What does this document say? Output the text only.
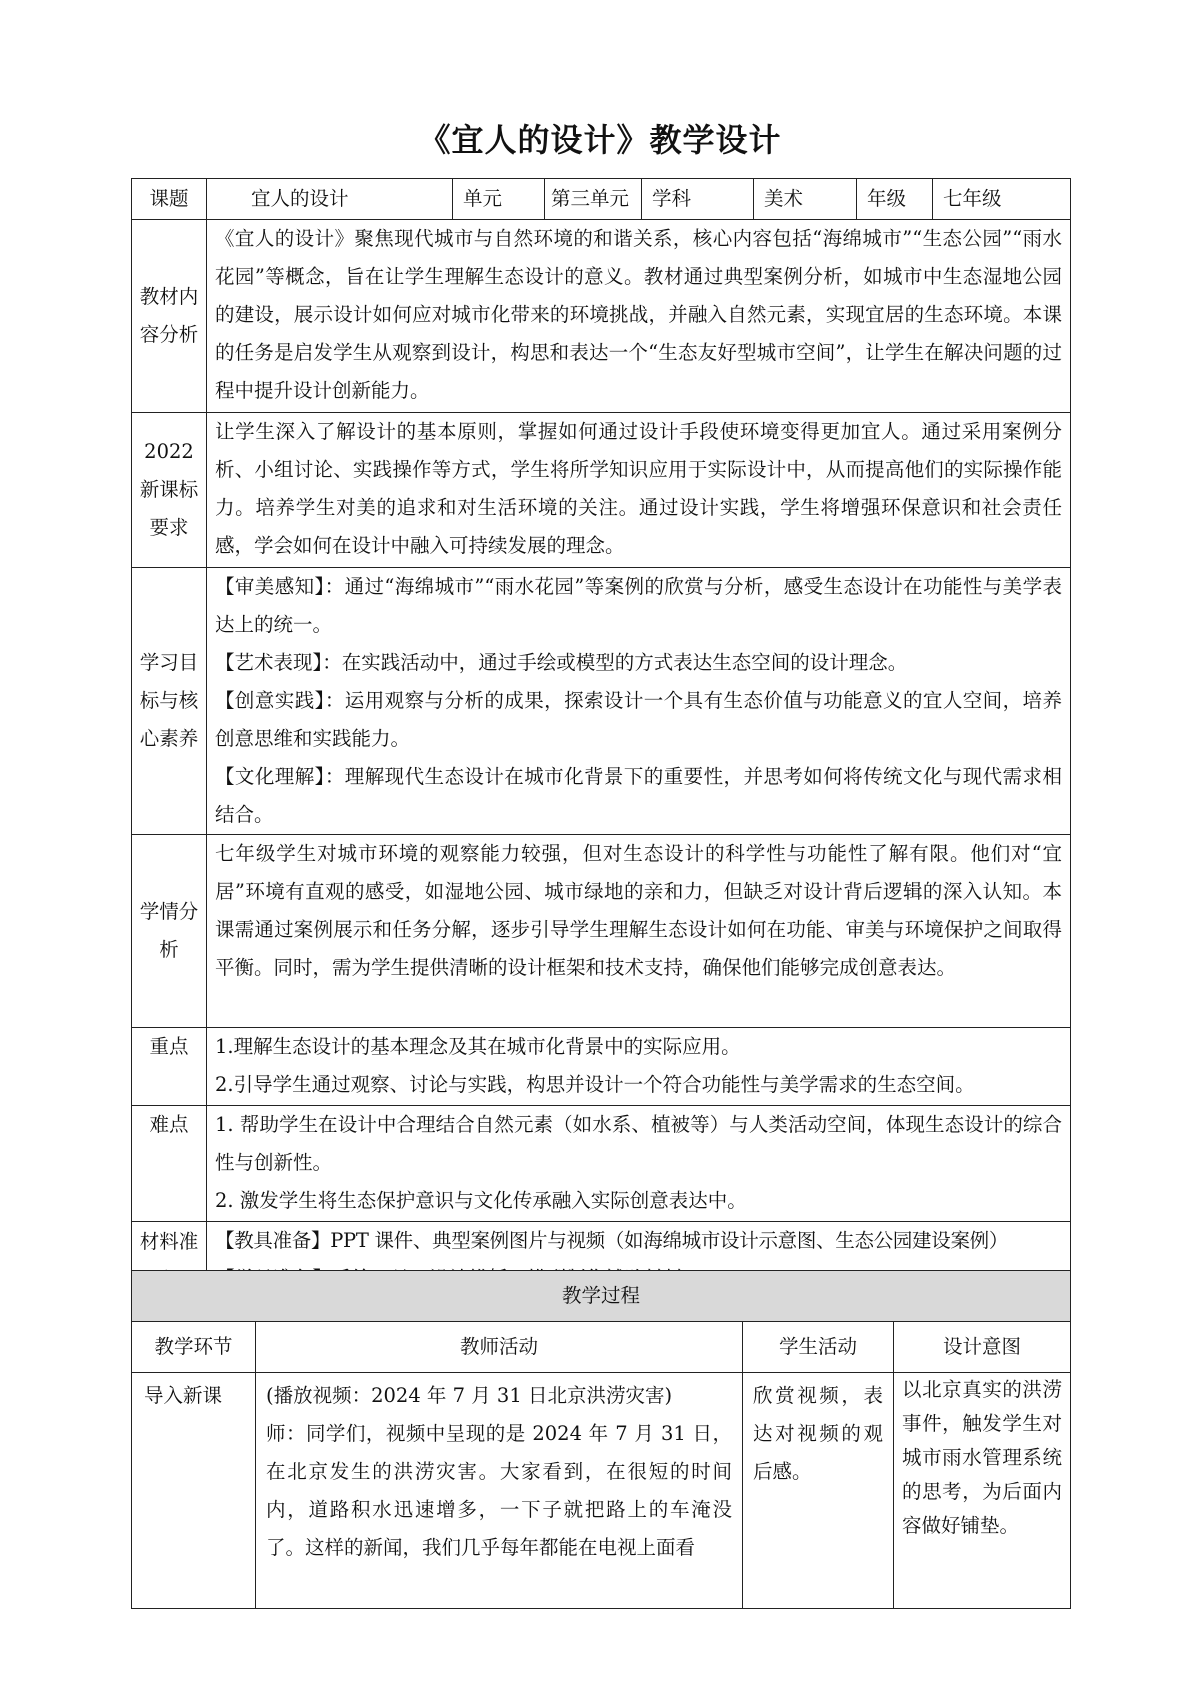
《宜人的设计》教学设计
课题	宜人的设计	单元	第三单元	学科	美术	年级	七年级
教材内容分析	《宜人的设计》聚焦现代城市与自然环境的和谐关系，核心内容包括“海绵城市”“生态公园”“雨水花园”等概念，旨在让学生理解生态设计的意义。教材通过典型案例分析，如城市中生态湿地公园的建设，展示设计如何应对城市化带来的环境挑战，并融入自然元素，实现宜居的生态环境。本课的任务是启发学生从观察到设计，构思和表达一个“生态友好型城市空间”，让学生在解决问题的过程中提升设计创新能力。						
2022新课标要求	让学生深入了解设计的基本原则，掌握如何通过设计手段使环境变得更加宜人。通过采用案例分析、小组讨论、实践操作等方式，学生将所学知识应用于实际设计中，从而提高他们的实际操作能力。培养学生对美的追求和对生活环境的关注。通过设计实践，学生将增强环保意识和社会责任感，学会如何在设计中融入可持续发展的理念。						
学习目标与核心素养	【审美感知】：通过“海绵城市”“雨水花园”等案例的欣赏与分析，感受生态设计在功能性与美学表达上的统一。

【艺术表现】：在实践活动中，通过手绘或模型的方式表达生态空间的设计理念。

【创意实践】：运用观察与分析的成果，探索设计一个具有生态价值与功能意义的宜人空间，培养创意思维和实践能力。

【文化理解】：理解现代生态设计在城市化背景下的重要性，并思考如何将传统文化与现代需求相结合。						

学情分析	七年级学生对城市环境的观察能力较强，但对生态设计的科学性与功能性了解有限。他们对“宜居”环境有直观的感受，如湿地公园、城市绿地的亲和力，但缺乏对设计背后逻辑的深入认知。本课需通过案例展示和任务分解，逐步引导学生理解生态设计如何在功能、审美与环境保护之间取得平衡。同时，需为学生提供清晰的设计框架和技术支持，确保他们能够完成创意表达。						
重点	1.理解生态设计的基本理念及其在城市化背景中的实际应用。

2.引导学生通过观察、讨论与实践，构思并设计一个符合功能性与美学需求的生态空间。						

难点	1. 帮助学生在设计中合理结合自然元素（如水系、植被等）与人类活动空间，体现生态设计的综合性与创新性。

2. 激发学生将生态保护意识与文化传承融入实际创意表达中。						

材料准	【教具准备】PPT 课件、典型案例图片与视频（如海绵城市设计示意图、生态公园建设案例）						

教学过程			
教学环节	教师活动	学生活动	设计意图
导入新课	(播放视频：2024 年 7 月 31 日北京洪涝灾害)

师：同学们，视频中呈现的是 2024 年 7 月 31 日，在北京发生的洪涝灾害。大家看到，在很短的时间内，道路积水迅速增多，一下子就把路上的车淹没了。这样的新闻，我们几乎每年都能在电视上面看	欣赏视频，表达对视频的观后感。	以北京真实的洪涝事件，触发学生对城市雨水管理系统的思考，为后面内容做好铺垫。
